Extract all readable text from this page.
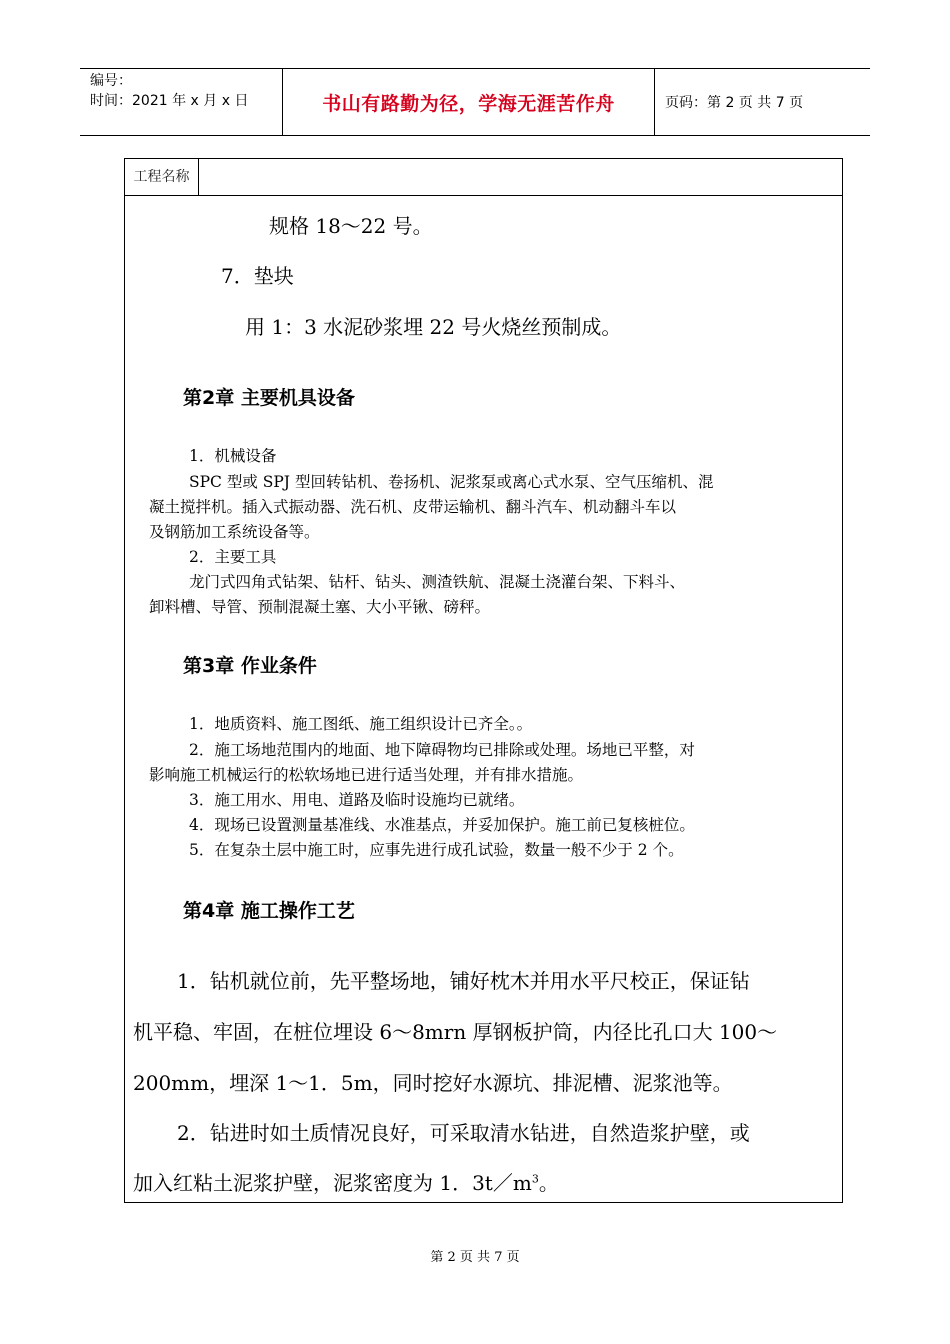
编号：
时间：2021 年 x 月 x 日	书山有路勤为径，学海无涯苦作舟	页码：第 2 页 共 7 页
工程名称
规格 18～22 号。
7．垫块
用 1：3 水泥砂浆埋 22 号火烧丝预制成。
第2章 主要机具设备
1．机械设备
SPC 型或 SPJ 型回转钻机、卷扬机、泥浆泵或离心式水泵、空气压缩机、混
凝土搅拌机。插入式振动器、洗石机、皮带运输机、翻斗汽车、机动翻斗车以
及钢筋加工系统设备等。
2．主要工具
龙门式四角式钻架、钻杆、钻头、测渣铁航、混凝土浇灌台架、下料斗、
卸料槽、导管、预制混凝土塞、大小平锹、磅秤。
第3章 作业条件
1．地质资料、施工图纸、施工组织设计已齐全。。
2．施工场地范围内的地面、地下障碍物均已排除或处理。场地已平整，对
影响施工机械运行的松软场地已进行适当处理，并有排水措施。
3．施工用水、用电、道路及临时设施均已就绪。
4．现场已设置测量基准线、水准基点，并妥加保护。施工前已复核桩位。
5．在复杂土层中施工时，应事先进行成孔试验，数量一般不少于 2 个。
第4章 施工操作工艺
1．钻机就位前，先平整场地，铺好枕木并用水平尺校正，保证钻
机平稳、牢固，在桩位埋设 6～8mrn 厚钢板护筒，内径比孔口大 100～
200mm，埋深 1～1．5m，同时挖好水源坑、排泥槽、泥浆池等。
2．钻进时如土质情况良好，可采取清水钻进，自然造浆护壁，或
加入红粘土泥浆护壁，泥浆密度为 1．$3t/m^3$。
第 2 页 共 7 页
